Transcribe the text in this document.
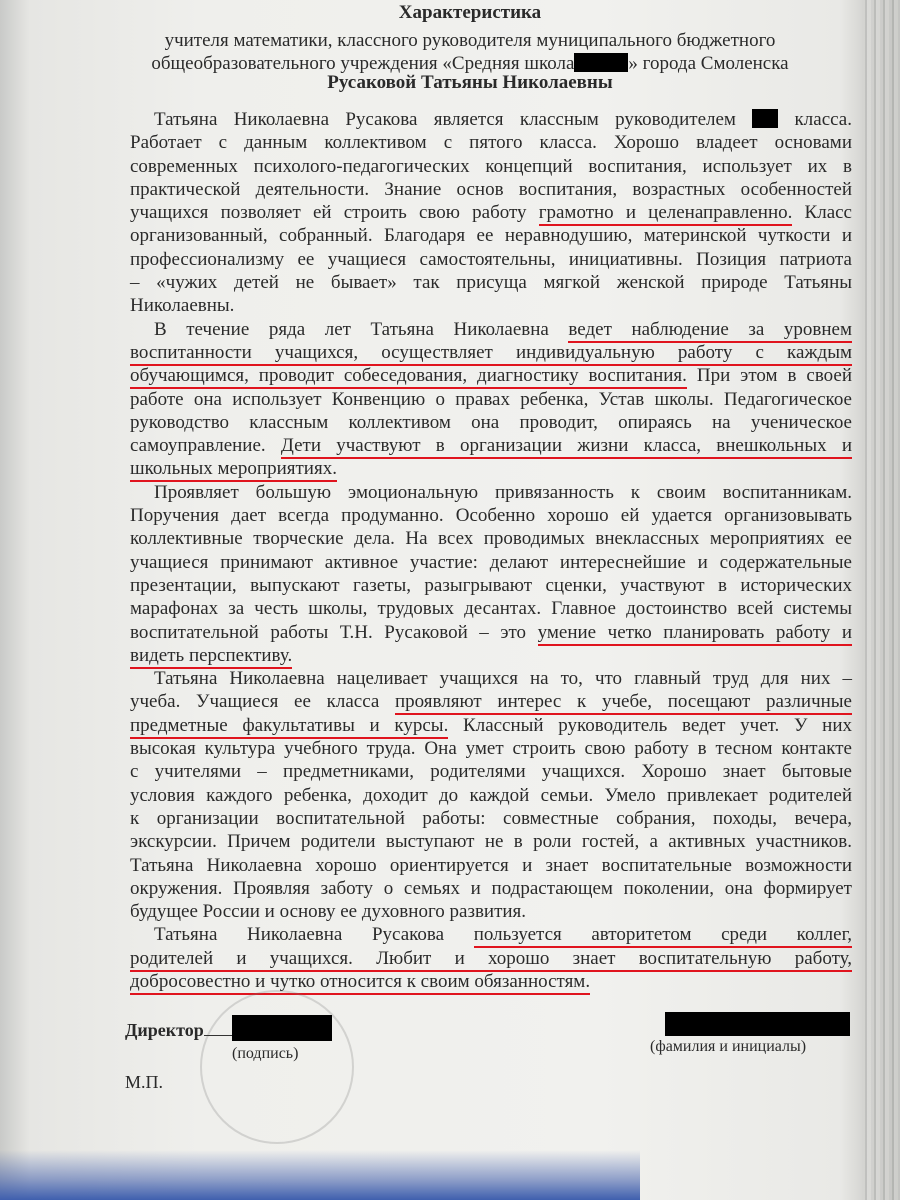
Характеристика
учителя математики, классного руководителя муниципального бюджетного
общеобразовательного учреждения «Средняя школа	» города Смоленска
Русаковой Татьяны Николаевны
Татьяна Николаевна Русакова является классным руководителем  класса.
Работает с данным коллективом с пятого класса. Хорошо владеет основами
современных психолого-педагогических концепций воспитания, использует их в
практической деятельности. Знание основ воспитания, возрастных особенностей
учащихся позволяет ей строить свою работу грамотно и целенаправленно. Класс
организованный, собранный. Благодаря ее неравнодушию, материнской чуткости и
профессионализму ее учащиеся самостоятельны, инициативны. Позиция патриота
– «чужих детей не бывает» так присуща мягкой женской природе Татьяны
Николаевны.
В течение ряда лет Татьяна Николаевна ведет наблюдение за уровнем
воспитанности учащихся, осуществляет индивидуальную работу с каждым
обучающимся, проводит собеседования, диагностику воспитания. При этом в своей
работе она использует Конвенцию о правах ребенка, Устав школы. Педагогическое
руководство классным коллективом она проводит, опираясь на ученическое
самоуправление. Дети участвуют в организации жизни класса, внешкольных и
школьных мероприятиях.
Проявляет большую эмоциональную привязанность к своим воспитанникам.
Поручения дает всегда продуманно. Особенно хорошо ей удается организовывать
коллективные творческие дела. На всех проводимых внеклассных мероприятиях ее
учащиеся принимают активное участие: делают интереснейшие и содержательные
презентации, выпускают газеты, разыгрывают сценки, участвуют в исторических
марафонах за честь школы, трудовых десантах. Главное достоинство всей системы
воспитательной работы Т.Н. Русаковой – это умение четко планировать работу и
видеть перспективу.
Татьяна Николаевна нацеливает учащихся на то, что главный труд для них –
учеба. Учащиеся ее класса проявляют интерес к учебе, посещают различные
предметные факультативы и курсы. Классный руководитель ведет учет. У них
высокая культура учебного труда. Она умет строить свою работу в тесном контакте
с учителями – предметниками, родителями учащихся. Хорошо знает бытовые
условия каждого ребенка, доходит до каждой семьи. Умело привлекает родителей
к организации воспитательной работы: совместные собрания, походы, вечера,
экскурсии. Причем родители выступают не в роли гостей, а активных участников.
Татьяна Николаевна хорошо ориентируется и знает воспитательные возможности
окружения. Проявляя заботу о семьях и подрастающем поколении, она формирует
будущее России и основу ее духовного развития.
Татьяна Николаевна Русакова пользуется авторитетом среди коллег,
родителей и учащихся. Любит и хорошо знает воспитательную работу,
добросовестно и чутко относится к своим обязанностям.
Директор
(подпись)	(фамилия и инициалы)
М.П.
